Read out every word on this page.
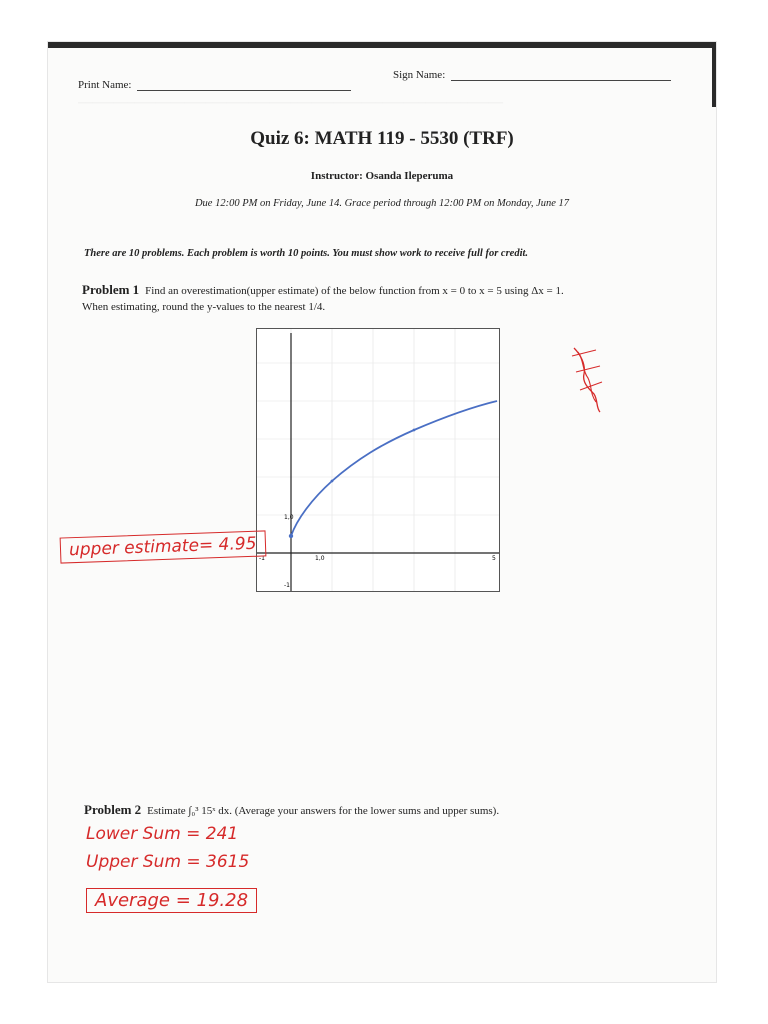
────────────────────────────────────────────────────────────
Print Name:
Sign Name:
Quiz 6: MATH 119 - 5530 (TRF)
Instructor: Osanda Ileperuma
Due 12:00 PM on Friday, June 14. Grace period through 12:00 PM on Monday, June 17
There are 10 problems. Each problem is worth 10 points. You must show work to receive full for credit.
Problem 1 Find an overestimation(upper estimate) of the below function from x = 0 to x = 5 using Δx = 1.
When estimating, round the y-values to the nearest 1/4.
1,0
1,0
-1	5
-1
upper estimate= 4.95
Problem 2 Estimate ∫₀³ 15ˣ dx. (Average your answers for the lower sums and upper sums).
Lower Sum = 241
Upper Sum = 3615
Average = 19.28
